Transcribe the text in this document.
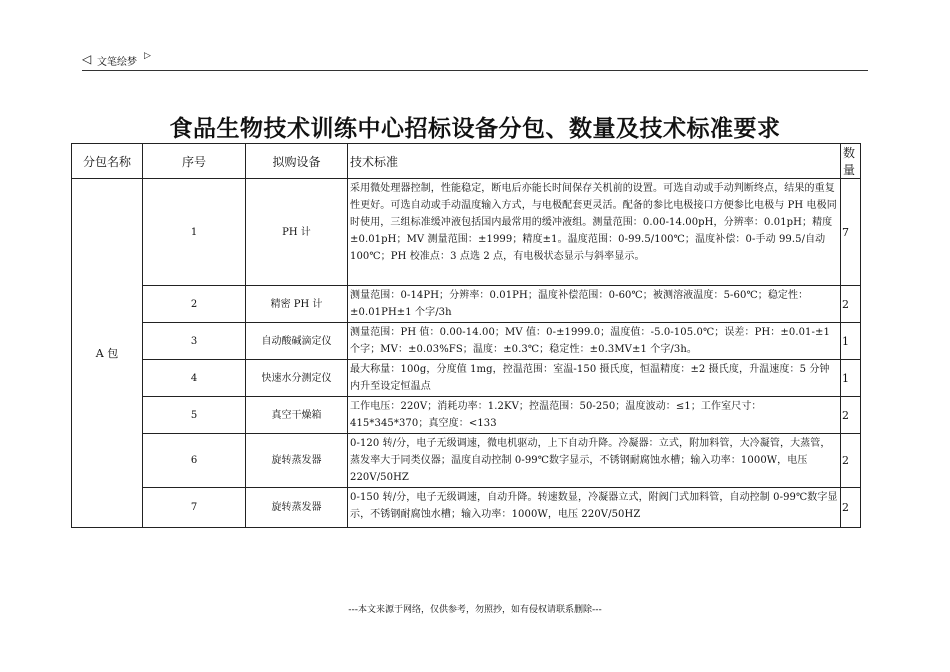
◁ 文笔绘梦
▷
食品生物技术训练中心招标设备分包、数量及技术标准要求
分包名称	序号	拟购设备	技术标准	数量
A 包	1	PH 计	采用微处理器控制，性能稳定，断电后亦能长时间保存关机前的设置。可选自动或手动判断终点，结果的重复性更好。可选自动或手动温度输入方式，与电极配套更灵活。配备的参比电极接口方便参比电极与 PH 电极同时使用，三组标准缓冲液包括国内最常用的缓冲液组。测量范围：0.00-14.00pH，分辨率：0.01pH；精度±0.01pH；MV 测量范围：±1999；精度±1。温度范围：0-99.5/100℃；温度补偿：0-手动 99.5/自动 100℃；PH 校准点：3 点选 2 点，有电极状态显示与斜率显示。	7
	2	精密 PH 计	测量范围：0-14PH；分辨率：0.01PH；温度补偿范围：0-60℃；被测溶液温度：5-60℃；稳定性：±0.01PH±1 个字/3h	2
	3	自动酸碱滴定仪	测量范围：PH 值：0.00-14.00；MV 值：0-±1999.0；温度值：-5.0-105.0℃；误差：PH：±0.01-±1 个字；MV：±0.03%FS；温度：±0.3℃；稳定性：±0.3MV±1 个字/3h。	1
	4	快速水分测定仪	最大称量：100g，分度值 1mg，控温范围：室温-150 摄氏度，恒温精度：±2 摄氏度，升温速度：5 分钟内升至设定恒温点	1
	5	真空干燥箱	工作电压：220V；消耗功率：1.2KV；控温范围：50-250；温度波动：≤1；工作室尺寸：415*345*370；真空度：<133	2
	6	旋转蒸发器	0-120 转/分，电子无级调速，微电机驱动，上下自动升降。冷凝器：立式，附加料管，大冷凝管，大蒸管，蒸发率大于同类仪器；温度自动控制 0-99℃数字显示，不锈钢耐腐蚀水槽；输入功率：1000W，电压 220V/50HZ	2
	7	旋转蒸发器	0-150 转/分，电子无级调速，自动升降。转速数显，冷凝器立式，附阀门式加料管，自动控制 0-99℃数字显示，不锈钢耐腐蚀水槽；输入功率：1000W，电压 220V/50HZ	2
---本文来源于网络，仅供参考，勿照抄，如有侵权请联系删除---
